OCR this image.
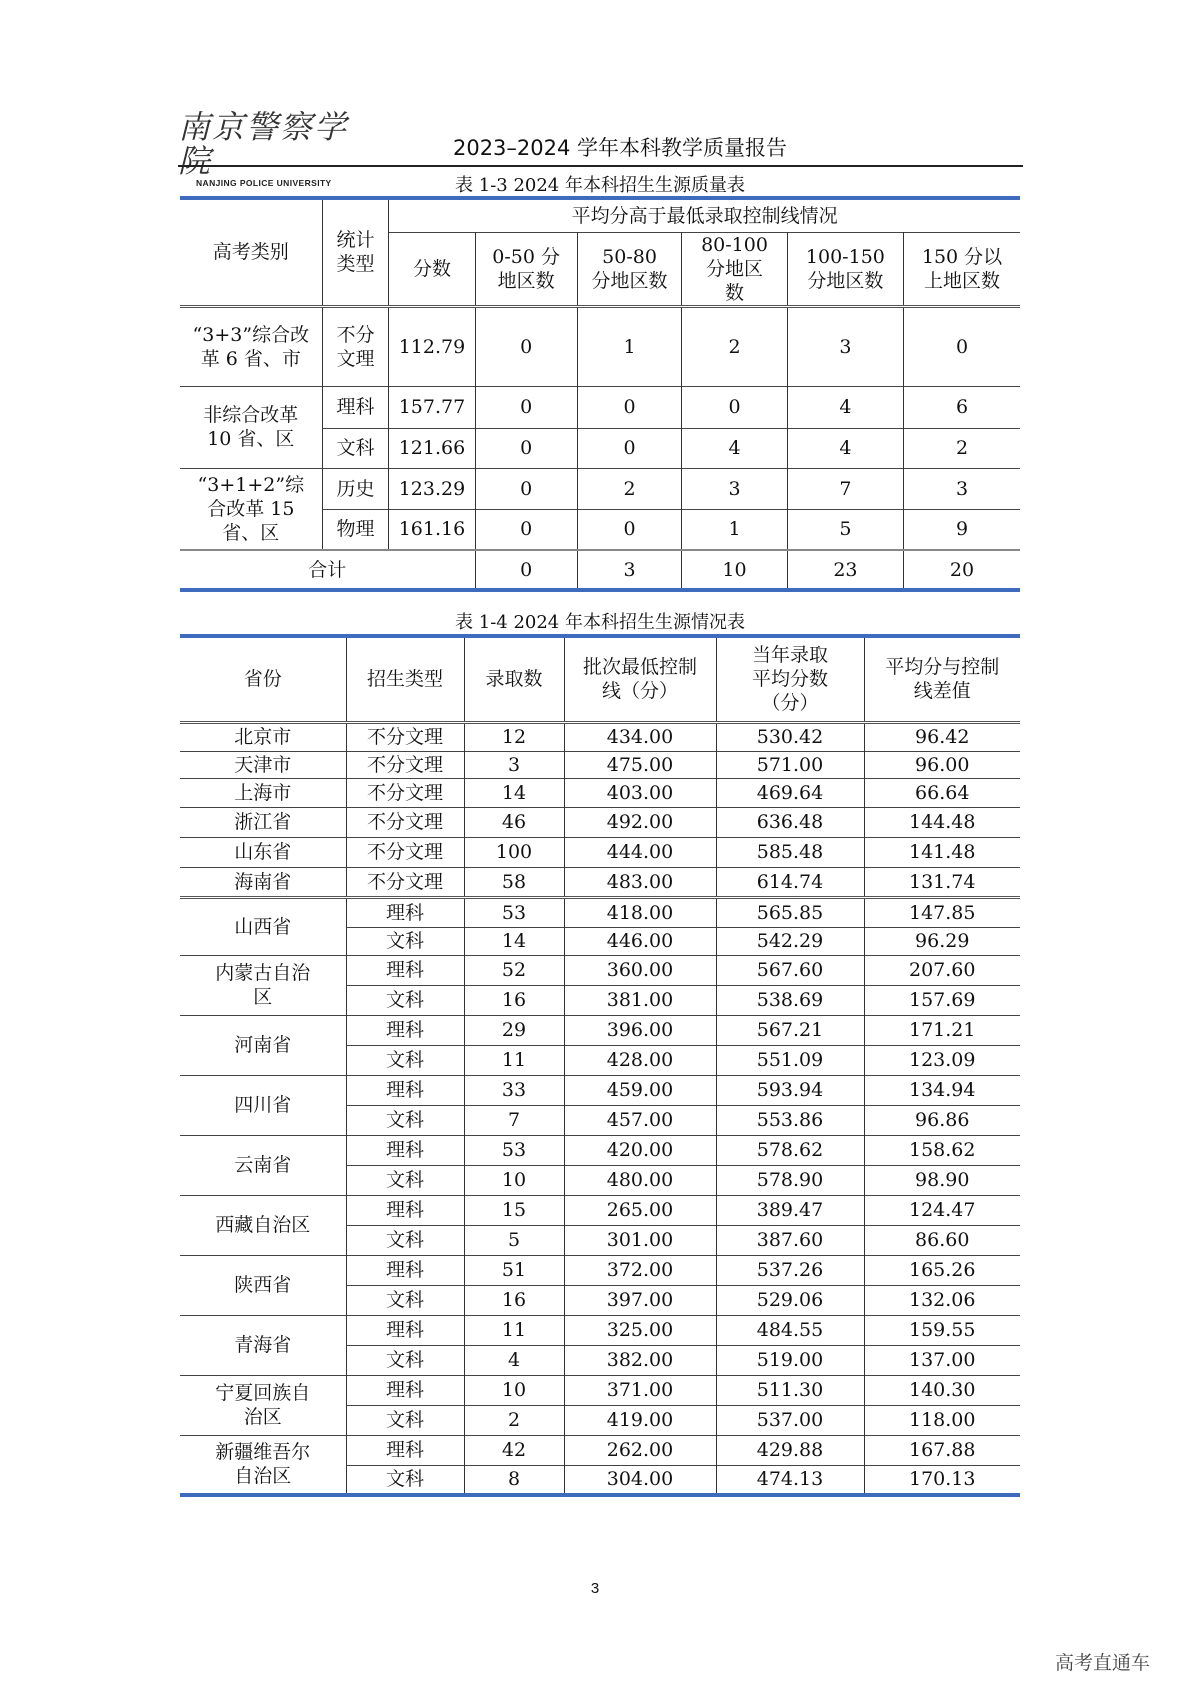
南京警察学院
NANJING POLICE UNIVERSITY
2023–2024 学年本科教学质量报告
表 1-3 2024 年本科招生生源质量表
高考类别	统计类型	平均分高于最低录取控制线情况					
		分数	0-50 分地区数	50-80 分地区数	80-100 分地区数	100-150 分地区数	150 分以上地区数
“3+3”综合改革 6 省、市	不分文理	112.79	0	1	2	3	0
非综合改革 10 省、区	理科	157.77	0	0	0	4	6
	文科	121.66	0	0	4	4	2
“3+1+2”综合改革 15 省、区	历史	123.29	0	2	3	7	3
	物理	161.16	0	0	1	5	9
合计			0	3	10	23	20
表 1-4 2024 年本科招生生源情况表
省份	招生类型	录取数	批次最低控制线（分）	当年录取平均分数（分）	平均分与控制线差值
北京市	不分文理	12	434.00	530.42	96.42
天津市	不分文理	3	475.00	571.00	96.00
上海市	不分文理	14	403.00	469.64	66.64
浙江省	不分文理	46	492.00	636.48	144.48
山东省	不分文理	100	444.00	585.48	141.48
海南省	不分文理	58	483.00	614.74	131.74
山西省	理科	53	418.00	565.85	147.85
	文科	14	446.00	542.29	96.29
内蒙古自治区	理科	52	360.00	567.60	207.60
	文科	16	381.00	538.69	157.69
河南省	理科	29	396.00	567.21	171.21
	文科	11	428.00	551.09	123.09
四川省	理科	33	459.00	593.94	134.94
	文科	7	457.00	553.86	96.86
云南省	理科	53	420.00	578.62	158.62
	文科	10	480.00	578.90	98.90
西藏自治区	理科	15	265.00	389.47	124.47
	文科	5	301.00	387.60	86.60
陕西省	理科	51	372.00	537.26	165.26
	文科	16	397.00	529.06	132.06
青海省	理科	11	325.00	484.55	159.55
	文科	4	382.00	519.00	137.00
宁夏回族自治区	理科	10	371.00	511.30	140.30
	文科	2	419.00	537.00	118.00
新疆维吾尔自治区	理科	42	262.00	429.88	167.88
	文科	8	304.00	474.13	170.13
3
高考直通车
